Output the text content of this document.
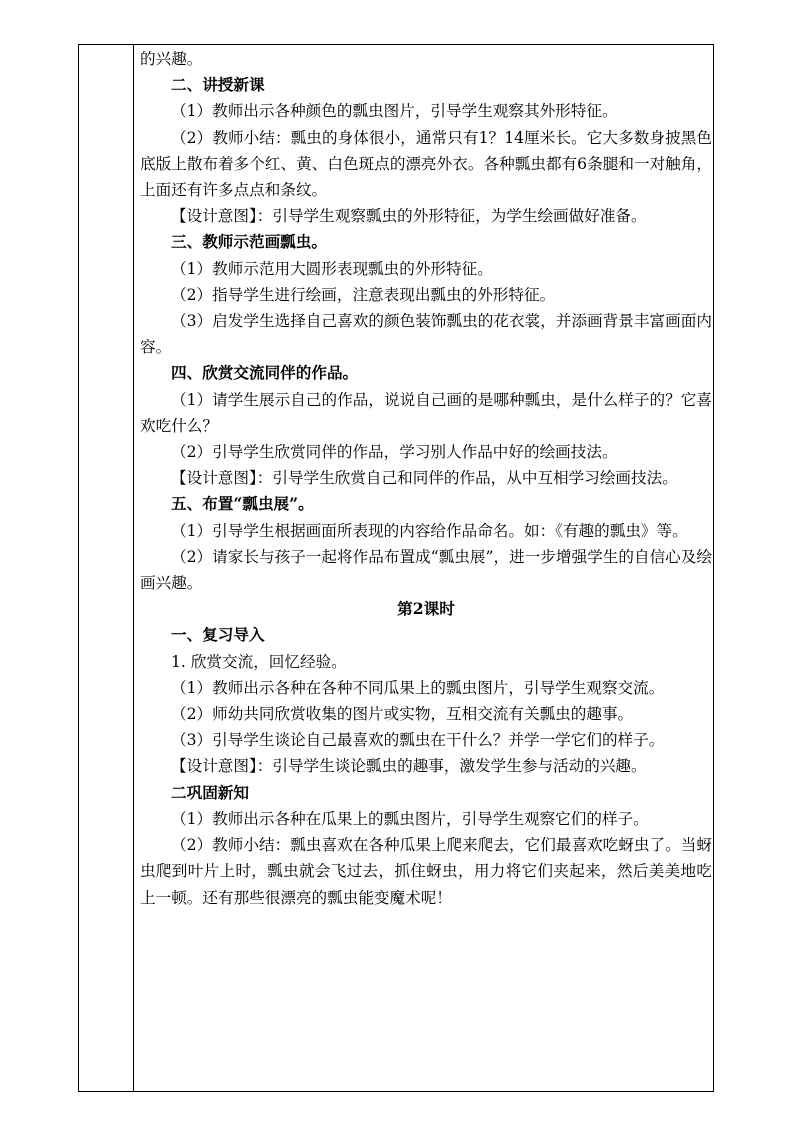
的兴趣。

二、讲授新课

（1）教师出示各种颜色的瓢虫图片，引导学生观察其外形特征。

（2）教师小结：瓢虫的身体很小，通常只有1？14厘米长。它大多数身披黑色底版上散布着多个红、黄、白色斑点的漂亮外衣。各种瓢虫都有6条腿和一对触角，上面还有许多点点和条纹。

【设计意图】：引导学生观察瓢虫的外形特征，为学生绘画做好准备。

三、教师示范画瓢虫。

（1）教师示范用大圆形表现瓢虫的外形特征。

（2）指导学生进行绘画，注意表现出瓢虫的外形特征。

（3）启发学生选择自己喜欢的颜色装饰瓢虫的花衣裳，并添画背景丰富画面内容。

四、欣赏交流同伴的作品。

（1）请学生展示自己的作品，说说自己画的是哪种瓢虫，是什么样子的？它喜欢吃什么？

（2）引导学生欣赏同伴的作品，学习别人作品中好的绘画技法。

【设计意图】：引导学生欣赏自己和同伴的作品，从中互相学习绘画技法。

五、布置“瓢虫展”。

（1）引导学生根据画面所表现的内容给作品命名。如：《有趣的瓢虫》等。

（2）请家长与孩子一起将作品布置成“瓢虫展”，进一步增强学生的自信心及绘画兴趣。

第2课时

一、复习导入

1. 欣赏交流，回忆经验。

（1）教师出示各种在各种不同瓜果上的瓢虫图片，引导学生观察交流。

（2）师幼共同欣赏收集的图片或实物，互相交流有关瓢虫的趣事。

（3）引导学生谈论自己最喜欢的瓢虫在干什么？并学一学它们的样子。

【设计意图】：引导学生谈论瓢虫的趣事，激发学生参与活动的兴趣。

二巩固新知

（1）教师出示各种在瓜果上的瓢虫图片，引导学生观察它们的样子。

（2）教师小结：瓢虫喜欢在各种瓜果上爬来爬去，它们最喜欢吃蚜虫了。当蚜虫爬到叶片上时，瓢虫就会飞过去，抓住蚜虫，用力将它们夹起来，然后美美地吃上一顿。还有那些很漂亮的瓢虫能变魔术呢！
